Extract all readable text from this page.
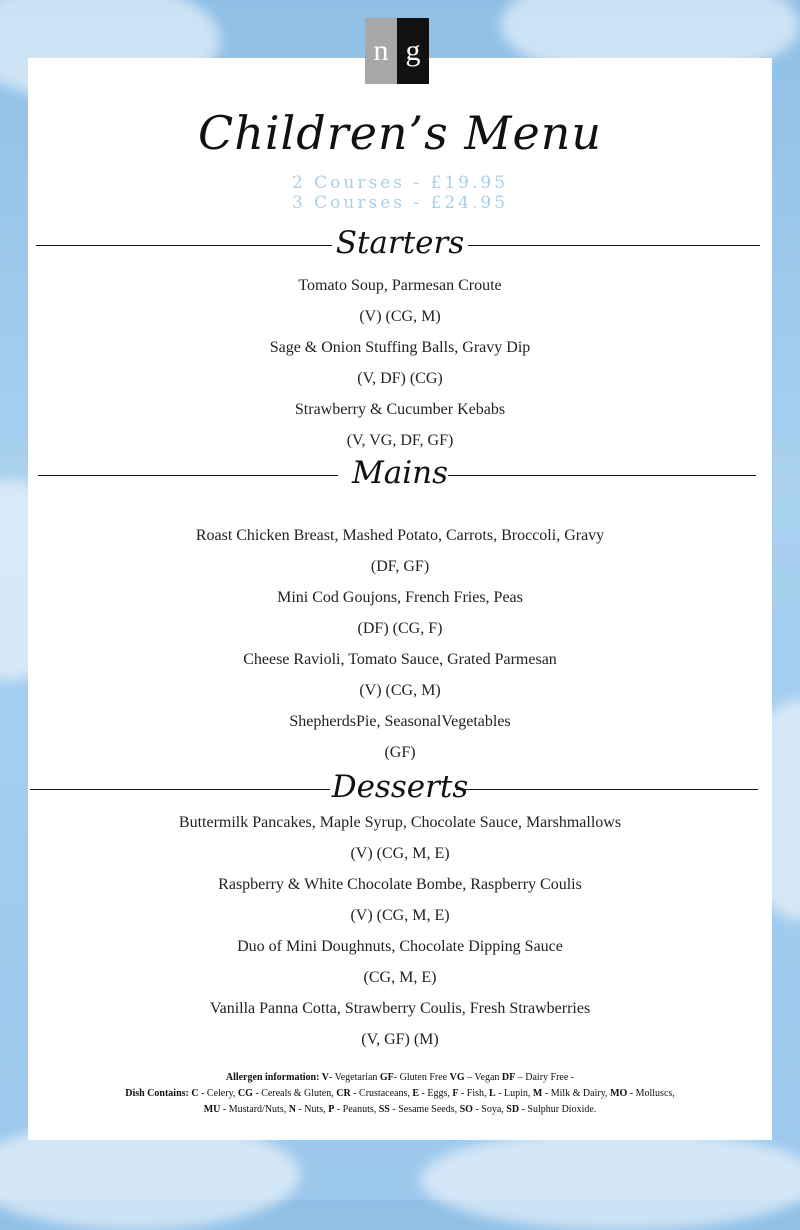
n g
Children’s Menu
2 Courses - £19.95
3 Courses - £24.95
Starters
Tomato Soup, Parmesan Croute
(V) (CG, M)
Sage & Onion Stuffing Balls, Gravy Dip
(V, DF) (CG)
Strawberry & Cucumber Kebabs
(V, VG, DF, GF)
Mains
Roast Chicken Breast, Mashed Potato, Carrots, Broccoli, Gravy
(DF, GF)
Mini Cod Goujons, French Fries, Peas
(DF) (CG, F)
Cheese Ravioli, Tomato Sauce, Grated Parmesan
(V) (CG, M)
ShepherdsPie, SeasonalVegetables
(GF)
Desserts
Buttermilk Pancakes, Maple Syrup, Chocolate Sauce, Marshmallows
(V) (CG, M, E)
Raspberry & White Chocolate Bombe, Raspberry Coulis
(V) (CG, M, E)
Duo of Mini Doughnuts, Chocolate Dipping Sauce
(CG, M, E)
Vanilla Panna Cotta, Strawberry Coulis, Fresh Strawberries
(V, GF) (M)
Allergen information: V- Vegetarian GF- Gluten Free VG – Vegan DF – Dairy Free -
Dish Contains: C - Celery, CG - Cereals & Gluten, CR - Crustaceans, E - Eggs, F - Fish, L - Lupin, M - Milk & Dairy, MO - Molluscs,
MU - Mustard/Nuts, N - Nuts, P - Peanuts, SS - Sesame Seeds, SO - Soya, SD - Sulphur Dioxide.
